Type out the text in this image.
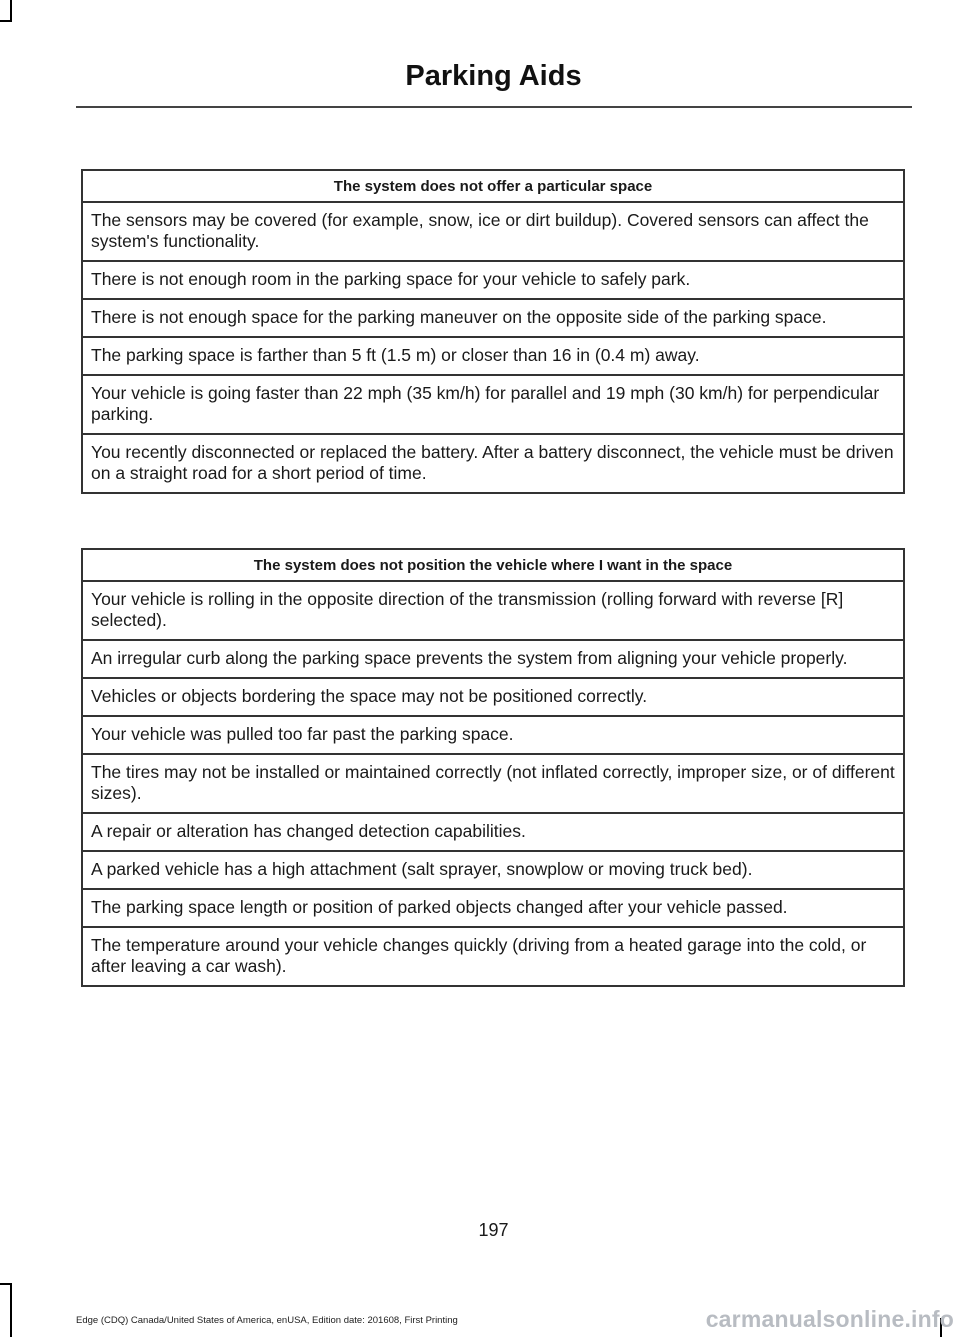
Parking Aids
The system does not offer a particular space
The sensors may be covered (for example, snow, ice or dirt buildup). Covered sensors can affect the system's functionality.
There is not enough room in the parking space for your vehicle to safely park.
There is not enough space for the parking maneuver on the opposite side of the parking space.
The parking space is farther than 5 ft (1.5 m) or closer than 16 in (0.4 m) away.
Your vehicle is going faster than 22 mph (35 km/h) for parallel and 19 mph (30 km/h) for perpendicular parking.
You recently disconnected or replaced the battery. After a battery disconnect, the vehicle must be driven on a straight road for a short period of time.
The system does not position the vehicle where I want in the space
Your vehicle is rolling in the opposite direction of the transmission (rolling forward with reverse [R] selected).
An irregular curb along the parking space prevents the system from aligning your vehicle properly.
Vehicles or objects bordering the space may not be positioned correctly.
Your vehicle was pulled too far past the parking space.
The tires may not be installed or maintained correctly (not inflated correctly, improper size, or of different sizes).
A repair or alteration has changed detection capabilities.
A parked vehicle has a high attachment (salt sprayer, snowplow or moving truck bed).
The parking space length or position of parked objects changed after your vehicle passed.
The temperature around your vehicle changes quickly (driving from a heated garage into the cold, or after leaving a car wash).
197
Edge (CDQ) Canada/United States of America, enUSA, Edition date: 201608, First Printing	carmanualsonline.info
